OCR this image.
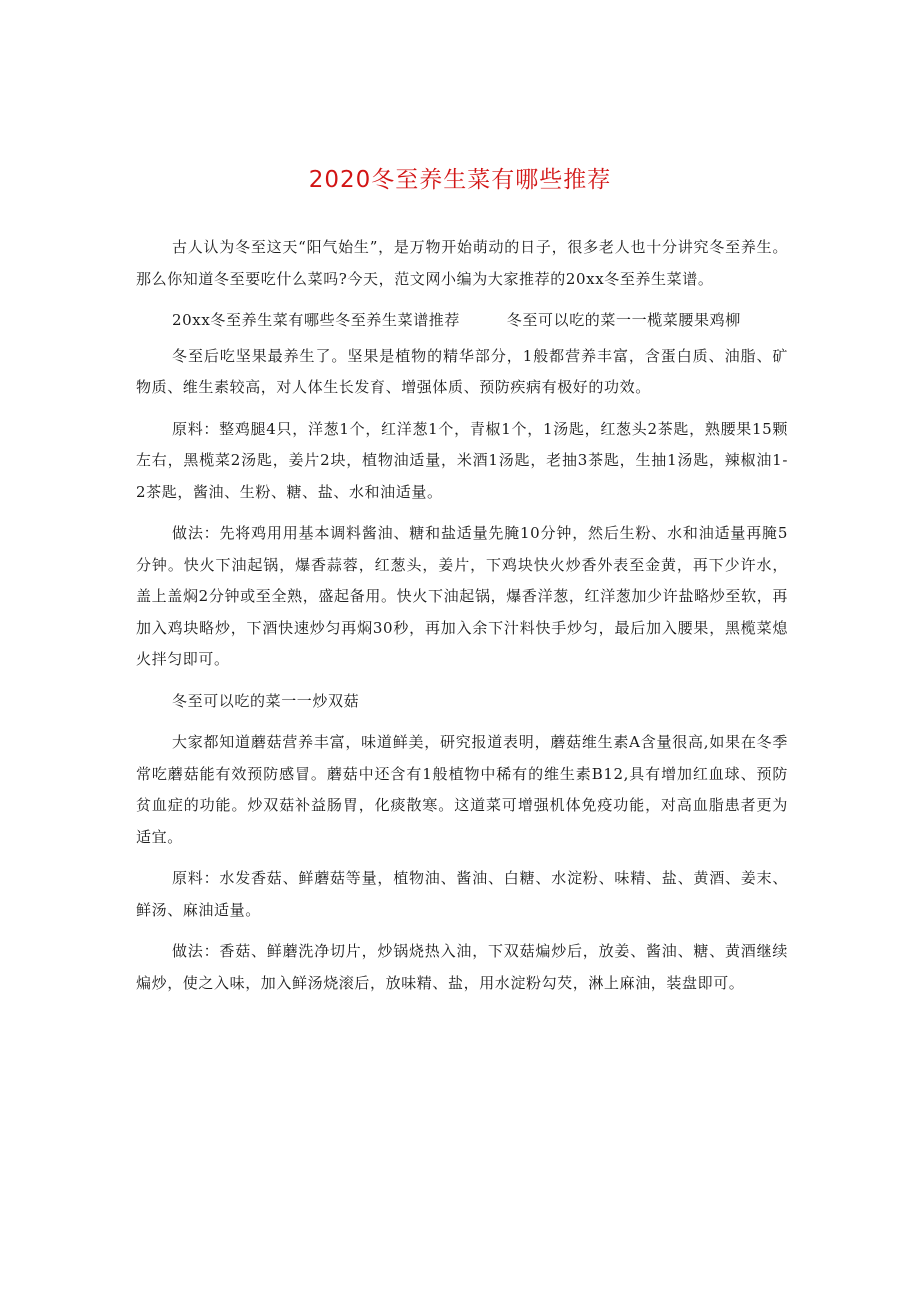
2020冬至养生菜有哪些推荐

古人认为冬至这天“阳气始生”，是万物开始萌动的日子，很多老人也十分讲究冬至养生。那么你知道冬至要吃什么菜吗?今天，范文网小编为大家推荐的20xx冬至养生菜谱。

20xx冬至养生菜有哪些冬至养生菜谱推荐　　　冬至可以吃的菜一一榄菜腰果鸡柳

冬至后吃坚果最养生了。坚果是植物的精华部分，1般都营养丰富，含蛋白质、油脂、矿物质、维生素较高，对人体生长发育、增强体质、预防疾病有极好的功效。

原料：整鸡腿4只，洋葱1个，红洋葱1个，青椒1个，1汤匙，红葱头2茶匙，熟腰果15颗左右，黑榄菜2汤匙，姜片2块，植物油适量，米酒1汤匙，老抽3茶匙，生抽1汤匙，辣椒油1-2茶匙，酱油、生粉、糖、盐、水和油适量。

做法：先将鸡用用基本调料酱油、糖和盐适量先腌10分钟，然后生粉、水和油适量再腌5分钟。快火下油起锅，爆香蒜蓉，红葱头，姜片，下鸡块快火炒香外表至金黄，再下少许水，盖上盖焖2分钟或至全熟，盛起备用。快火下油起锅，爆香洋葱，红洋葱加少许盐略炒至软，再加入鸡块略炒，下酒快速炒匀再焖30秒，再加入余下汁料快手炒匀，最后加入腰果，黑榄菜熄火拌匀即可。

冬至可以吃的菜一一炒双菇

大家都知道蘑菇营养丰富，味道鲜美，研究报道表明，蘑菇维生素A含量很高,如果在冬季常吃蘑菇能有效预防感冒。蘑菇中还含有1般植物中稀有的维生素B12,具有增加红血球、预防贫血症的功能。炒双菇补益肠胃，化痰散寒。这道菜可增强机体免疫功能，对高血脂患者更为适宜。

原料：水发香菇、鲜蘑菇等量，植物油、酱油、白糖、水淀粉、味精、盐、黄酒、姜末、鲜汤、麻油适量。

做法：香菇、鲜蘑洗净切片，炒锅烧热入油，下双菇煸炒后，放姜、酱油、糖、黄酒继续煸炒，使之入味，加入鲜汤烧滚后，放味精、盐，用水淀粉勾芡，淋上麻油，装盘即可。
